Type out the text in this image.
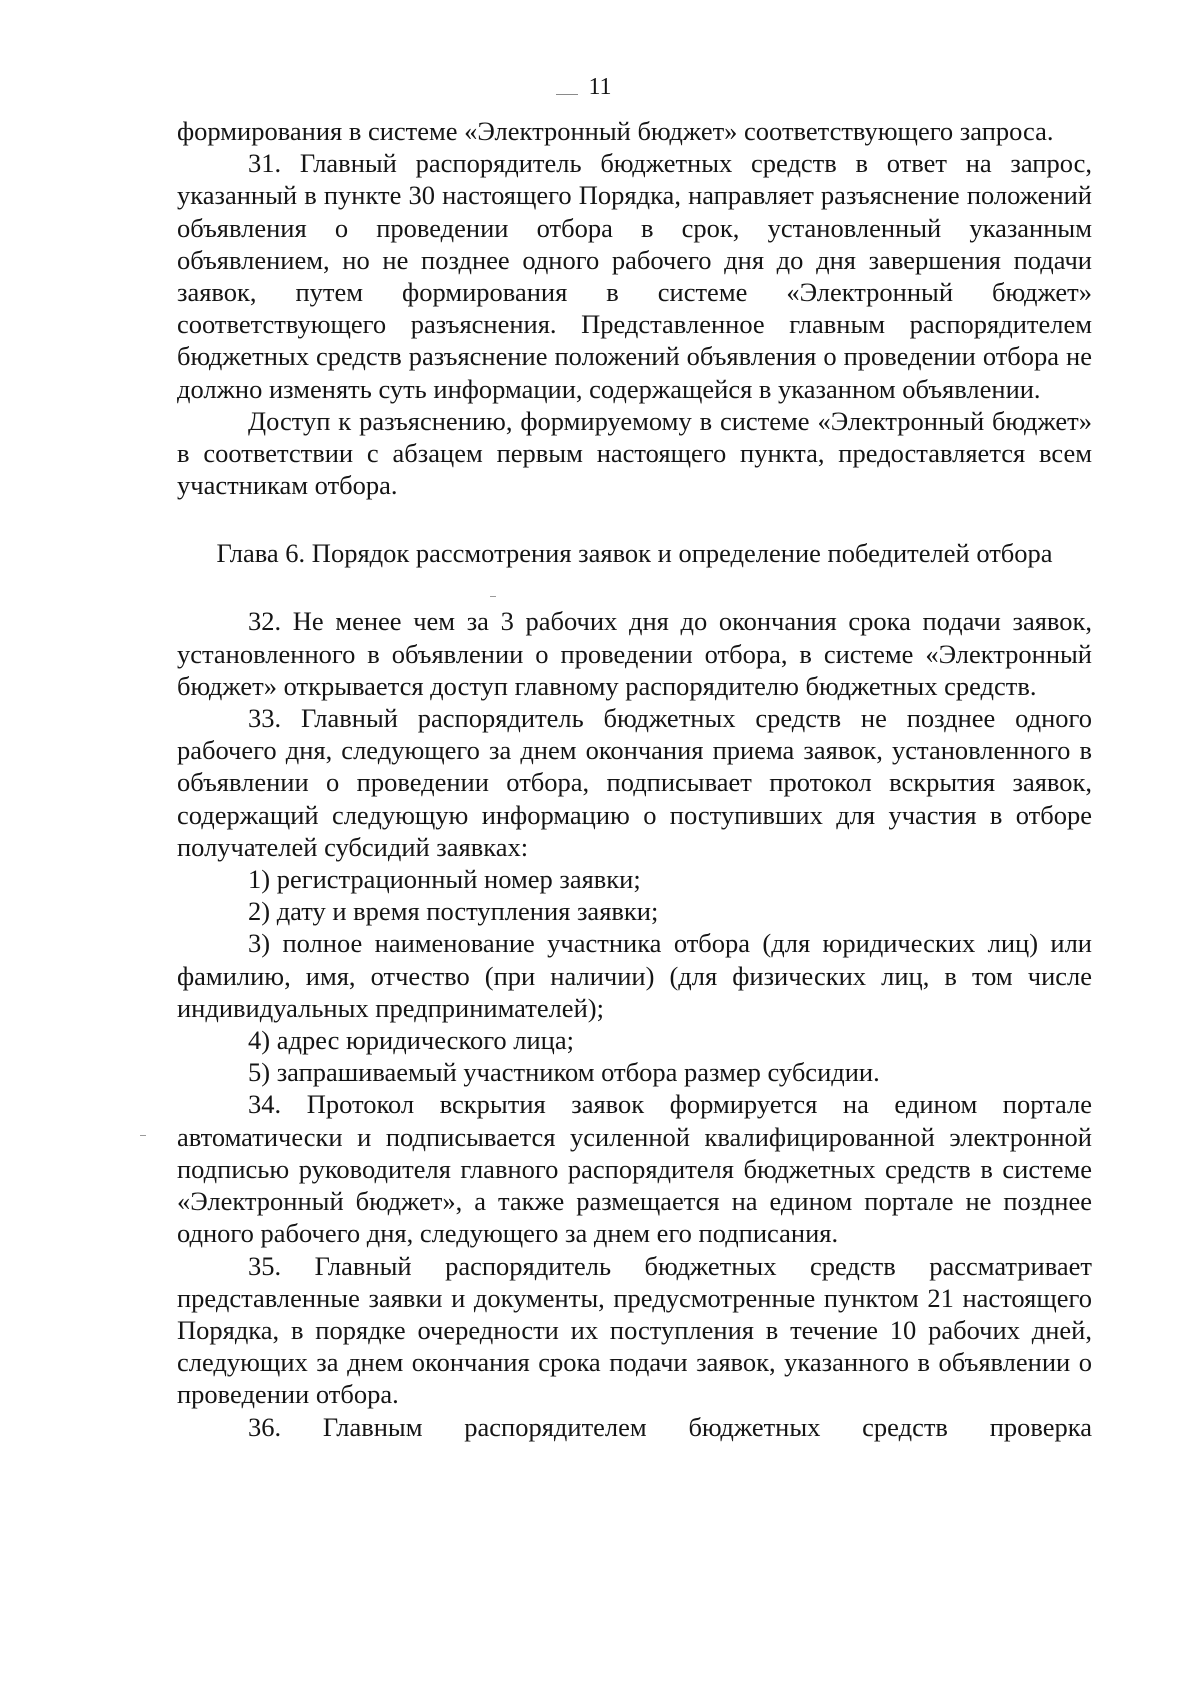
11

формирования в системе «Электронный бюджет» соответствующего запроса.

31. Главный распорядитель бюджетных средств в ответ на запрос, указанный в пункте 30 настоящего Порядка, направляет разъяснение положений объявления о проведении отбора в срок, установленный указанным объявлением, но не позднее одного рабочего дня до дня завершения подачи заявок, путем формирования в системе «Электронный бюджет» соответствующего разъяснения. Представленное главным распорядителем бюджетных средств разъяснение положений объявления о проведении отбора не должно изменять суть информации, содержащейся в указанном объявлении.

Доступ к разъяснению, формируемому в системе «Электронный бюджет» в соответствии с абзацем первым настоящего пункта, предоставляется всем участникам отбора.

Глава 6. Порядок рассмотрения заявок и определение победителей отбора

32. Не менее чем за 3 рабочих дня до окончания срока подачи заявок, установленного в объявлении о проведении отбора, в системе «Электронный бюджет» открывается доступ главному распорядителю бюджетных средств.

33. Главный распорядитель бюджетных средств не позднее одного рабочего дня, следующего за днем окончания приема заявок, установленного в объявлении о проведении отбора, подписывает протокол вскрытия заявок, содержащий следующую информацию о поступивших для участия в отборе получателей субсидий заявках:

1) регистрационный номер заявки;

2) дату и время поступления заявки;

3) полное наименование участника отбора (для юридических лиц) или фамилию, имя, отчество (при наличии) (для физических лиц, в том числе индивидуальных предпринимателей);

4) адрес юридического лица;

5) запрашиваемый участником отбора размер субсидии.

34. Протокол вскрытия заявок формируется на едином портале автоматически и подписывается усиленной квалифицированной электронной подписью руководителя главного распорядителя бюджетных средств в системе «Электронный бюджет», а также размещается на едином портале не позднее одного рабочего дня, следующего за днем его подписания.

35. Главный распорядитель бюджетных средств рассматривает представленные заявки и документы, предусмотренные пунктом 21 настоящего Порядка, в порядке очередности их поступления в течение 10 рабочих дней, следующих за днем окончания срока подачи заявок, указанного в объявлении о проведении отбора.

36. Главным распорядителем бюджетных средств проверка
